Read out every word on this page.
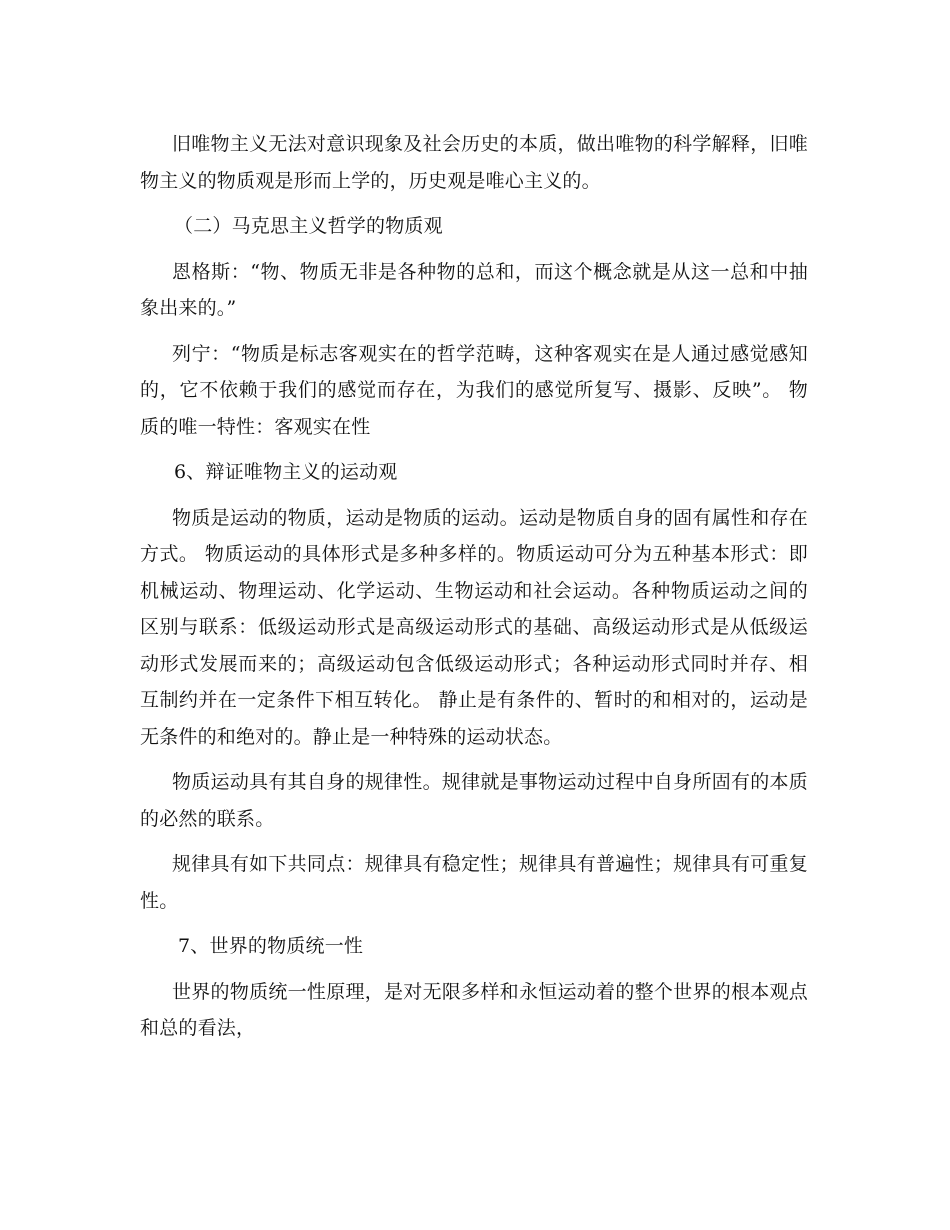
旧唯物主义无法对意识现象及社会历史的本质，做出唯物的科学解释，旧唯物主义的物质观是形而上学的，历史观是唯心主义的。

（二）马克思主义哲学的物质观

恩格斯：“物、物质无非是各种物的总和，而这个概念就是从这一总和中抽象出来的。”

列宁：“物质是标志客观实在的哲学范畴，这种客观实在是人通过感觉感知的，它不依赖于我们的感觉而存在，为我们的感觉所复写、摄影、反映”。 物质的唯一特性：客观实在性

6、辩证唯物主义的运动观

物质是运动的物质，运动是物质的运动。运动是物质自身的固有属性和存在方式。 物质运动的具体形式是多种多样的。物质运动可分为五种基本形式：即机械运动、物理运动、化学运动、生物运动和社会运动。各种物质运动之间的区别与联系：低级运动形式是高级运动形式的基础、高级运动形式是从低级运动形式发展而来的；高级运动包含低级运动形式；各种运动形式同时并存、相互制约并在一定条件下相互转化。 静止是有条件的、暂时的和相对的，运动是无条件的和绝对的。静止是一种特殊的运动状态。

物质运动具有其自身的规律性。规律就是事物运动过程中自身所固有的本质的必然的联系。

规律具有如下共同点：规律具有稳定性；规律具有普遍性；规律具有可重复性。

7、世界的物质统一性

世界的物质统一性原理，是对无限多样和永恒运动着的整个世界的根本观点和总的看法，
